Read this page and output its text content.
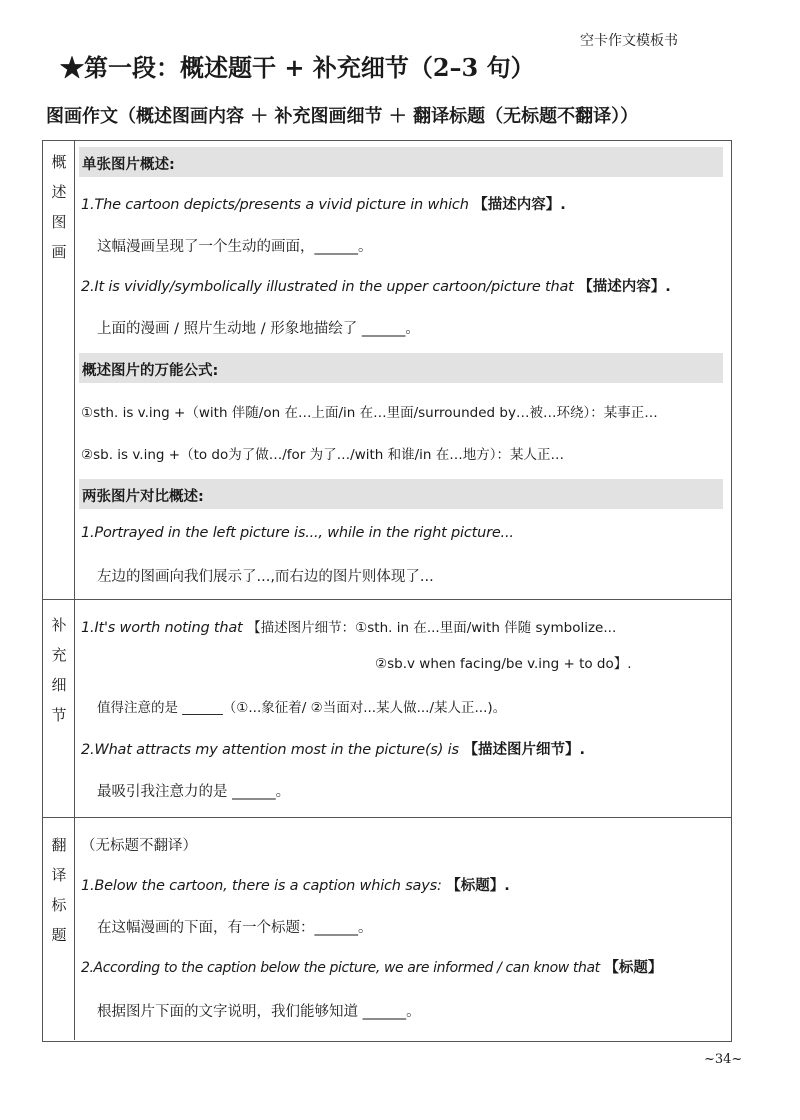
空卡作文模板书
★第一段：概述题干 + 补充细节（2–3 句）
图画作文（概述图画内容 ＋ 补充图画细节 ＋ 翻译标题（无标题不翻译））
概
述
图
画
单张图片概述:
1.The cartoon depicts/presents a vivid picture in which 【描述内容】.
这幅漫画呈现了一个生动的画面，______。
2.It is vividly/symbolically illustrated in the upper cartoon/picture that 【描述内容】.
上面的漫画 / 照片生动地 / 形象地描绘了 ______。
概述图片的万能公式:
①sth. is v.ing +（with 伴随/on 在…上面/in 在…里面/surrounded by…被…环绕）：某事正…
②sb. is v.ing +（to do为了做…/for 为了…/with 和谁/in 在…地方）：某人正…
两张图片对比概述:
1.Portrayed in the left picture is..., while in the right picture...
左边的图画向我们展示了...,而右边的图片则体现了...
补
充
细
节
1.It's worth noting that 【描述图片细节：①sth. in 在...里面/with 伴随 symbolize...
②sb.v when facing/be v.ing + to do】.
值得注意的是 ______（①...象征着/ ②当面对...某人做.../某人正...)。
2.What attracts my attention most in the picture(s) is 【描述图片细节】.
最吸引我注意力的是 ______。
翻
译
标
题
（无标题不翻译）
1.Below the cartoon, there is a caption which says: 【标题】.
在这幅漫画的下面，有一个标题：______。
2.According to the caption below the picture, we are informed / can know that 【标题】
根据图片下面的文字说明，我们能够知道 ______。
~34~
